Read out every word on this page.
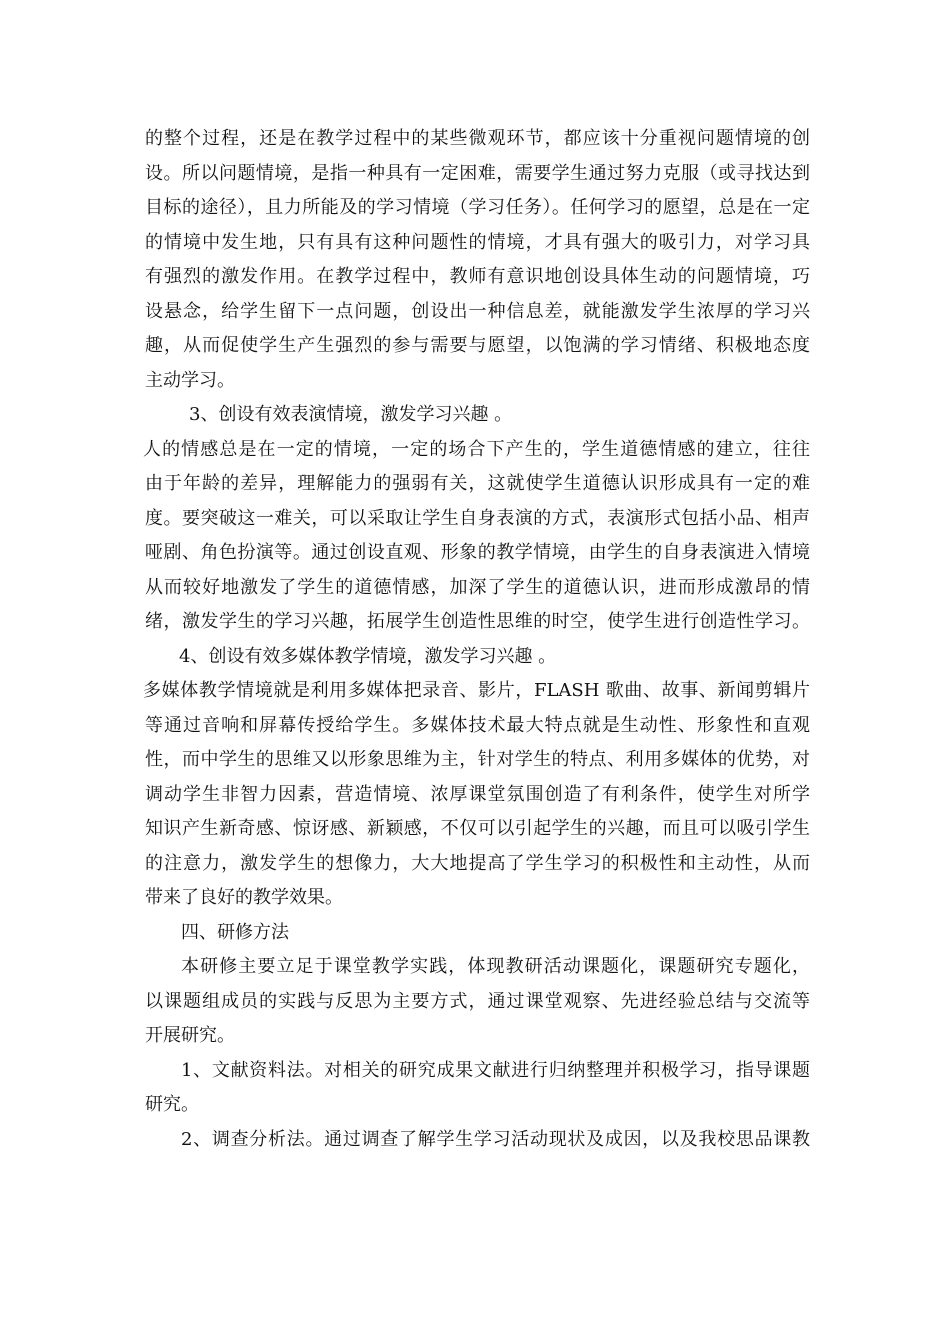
的整个过程，还是在教学过程中的某些微观环节，都应该十分重视问题情境的创
设。所以问题情境，是指一种具有一定困难，需要学生通过努力克服（或寻找达到
目标的途径），且力所能及的学习情境（学习任务）。任何学习的愿望，总是在一定
的情境中发生地，只有具有这种问题性的情境，才具有强大的吸引力，对学习具
有强烈的激发作用。在教学过程中，教师有意识地创设具体生动的问题情境，巧
设悬念，给学生留下一点问题，创设出一种信息差，就能激发学生浓厚的学习兴
趣，从而促使学生产生强烈的参与需要与愿望，以饱满的学习情绪、积极地态度
主动学习。
3、创设有效表演情境，激发学习兴趣 。
人的情感总是在一定的情境，一定的场合下产生的，学生道德情感的建立，往往
由于年龄的差异，理解能力的强弱有关，这就使学生道德认识形成具有一定的难
度。要突破这一难关，可以采取让学生自身表演的方式，表演形式包括小品、相声
哑剧、角色扮演等。通过创设直观、形象的教学情境，由学生的自身表演进入情境
从而较好地激发了学生的道德情感，加深了学生的道德认识，进而形成激昂的情
绪，激发学生的学习兴趣，拓展学生创造性思维的时空，使学生进行创造性学习。
4、创设有效多媒体教学情境，激发学习兴趣 。
多媒体教学情境就是利用多媒体把录音、影片，FLASH 歌曲、故事、新闻剪辑片
等通过音响和屏幕传授给学生。多媒体技术最大特点就是生动性、形象性和直观
性，而中学生的思维又以形象思维为主，针对学生的特点、利用多媒体的优势，对
调动学生非智力因素，营造情境、浓厚课堂氛围创造了有利条件，使学生对所学
知识产生新奇感、惊讶感、新颖感，不仅可以引起学生的兴趣，而且可以吸引学生
的注意力，激发学生的想像力，大大地提高了学生学习的积极性和主动性，从而
带来了良好的教学效果。
四、研修方法
本研修主要立足于课堂教学实践，体现教研活动课题化，课题研究专题化，
以课题组成员的实践与反思为主要方式，通过课堂观察、先进经验总结与交流等
开展研究。
1、文献资料法。对相关的研究成果文献进行归纳整理并积极学习，指导课题
研究。
2、调查分析法。通过调查了解学生学习活动现状及成因，以及我校思品课教
